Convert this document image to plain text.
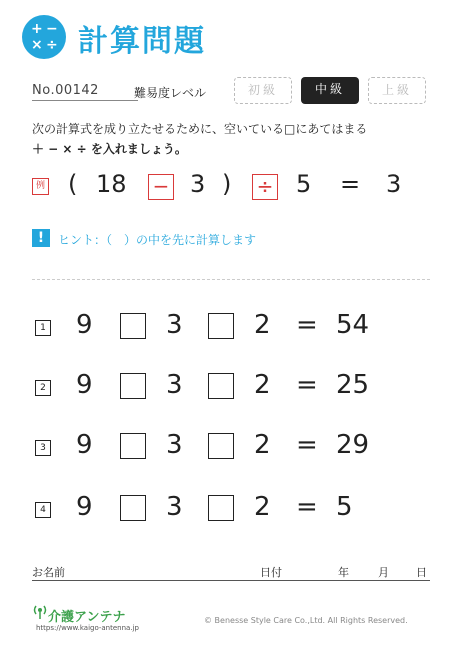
+ −
× ÷ 計算問題
No.00142	難易度レベル	初級	中級	上級
次の計算式を成り立たせるために、空いている□にあてはまる
＋ − × ÷ を入れましょう。
例 ( 18 − 3 ) ÷ 5 = 3
!	ヒント：（　）の中を先に計算します
1 9	3	2 = 54
2 9	3	2 = 25
3 9	3	2 = 29
4 9	3	2 = 5
お名前	日付	年	月 日
介護アンテナ
https://www.kaigo-antenna.jp
© Benesse Style Care Co.,Ltd. All Rights Reserved.
